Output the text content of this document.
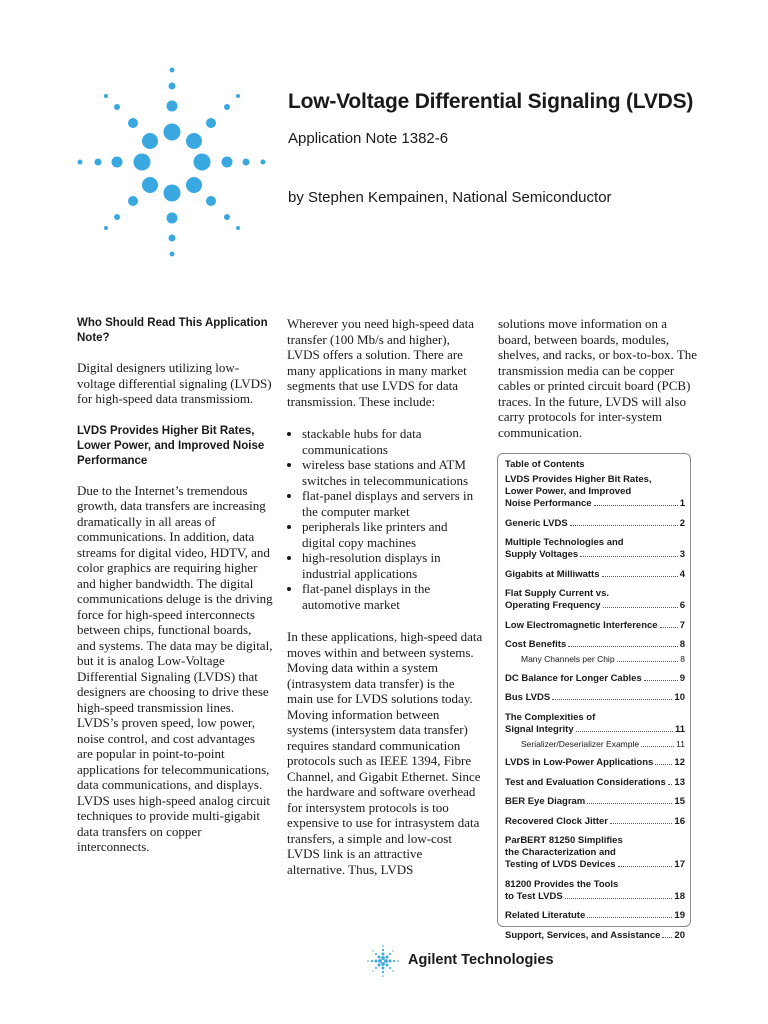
Low-Voltage Differential Signaling (LVDS)
Application Note 1382-6
by Stephen Kempainen, National Semiconductor
Who Should Read This Application Note?

Digital designers utilizing low-voltage differential signaling (LVDS) for high-speed data transmissiom.

LVDS Provides Higher Bit Rates, Lower Power, and Improved Noise Performance

Due to the Internet’s tremendous growth, data transfers are increasing dramatically in all areas of communications. In addition, data streams for digital video, HDTV, and color graphics are requiring higher and higher bandwidth. The digital communications deluge is the driving force for high-speed interconnects between chips, functional boards, and systems. The data may be digital, but it is analog Low-Voltage Differential Signaling (LVDS) that designers are choosing to drive these high-speed transmission lines. LVDS’s proven speed, low power, noise control, and cost advantages are popular in point-to-point applications for telecommunications, data communications, and displays. LVDS uses high-speed analog circuit techniques to provide multi-gigabit data transfers on copper interconnects.

Wherever you need high-speed data transfer (100 Mb/s and higher), LVDS offers a solution. There are many applications in many market segments that use LVDS for data transmission. These include:

• stackable hubs for data communications
• wireless base stations and ATM switches in telecommunications
• flat-panel displays and servers in the computer market
• peripherals like printers and digital copy machines
• high-resolution displays in industrial applications
• flat-panel displays in the automotive market

In these applications, high-speed data moves within and between systems. Moving data within a system (intrasystem data transfer) is the main use for LVDS solutions today. Moving information between systems (intersystem data transfer) requires standard communication protocols such as IEEE 1394, Fibre Channel, and Gigabit Ethernet. Since the hardware and software overhead for intersystem protocols is too expensive to use for intrasystem data transfers, a simple and low-cost LVDS link is an attractive alternative. Thus, LVDS

solutions move information on a board, between boards, modules, shelves, and racks, or box-to-box. The transmission media can be copper cables or printed circuit board (PCB) traces. In the future, LVDS will also carry protocols for inter-system communication.

Table of Contents
LVDS Provides Higher Bit Rates,
Lower Power, and Improved
Noise Performance	1
Generic LVDS	2
Multiple Technologies and
Supply Voltages	3
Gigabits at Milliwatts	4
Flat Supply Current vs.
Operating Frequency	6
Low Electromagnetic Interference 7
Cost Benefits	8
Many Channels per Chip	8
DC Balance for Longer Cables	9
Bus LVDS	10
The Complexities of
Signal Integrity	11
Serializer/Deserializer Example	11
LVDS in Low-Power Applications 12
Test and Evaluation Considerations 13
BER Eye Diagram	15
Recovered Clock Jitter	16
ParBERT 81250 Simplifies
the Characterization and
Testing of LVDS Devices	17
81200 Provides the Tools
to Test LVDS	18
Related Literatute	19
Support, Services, and Assistance 20
Agilent Technologies
